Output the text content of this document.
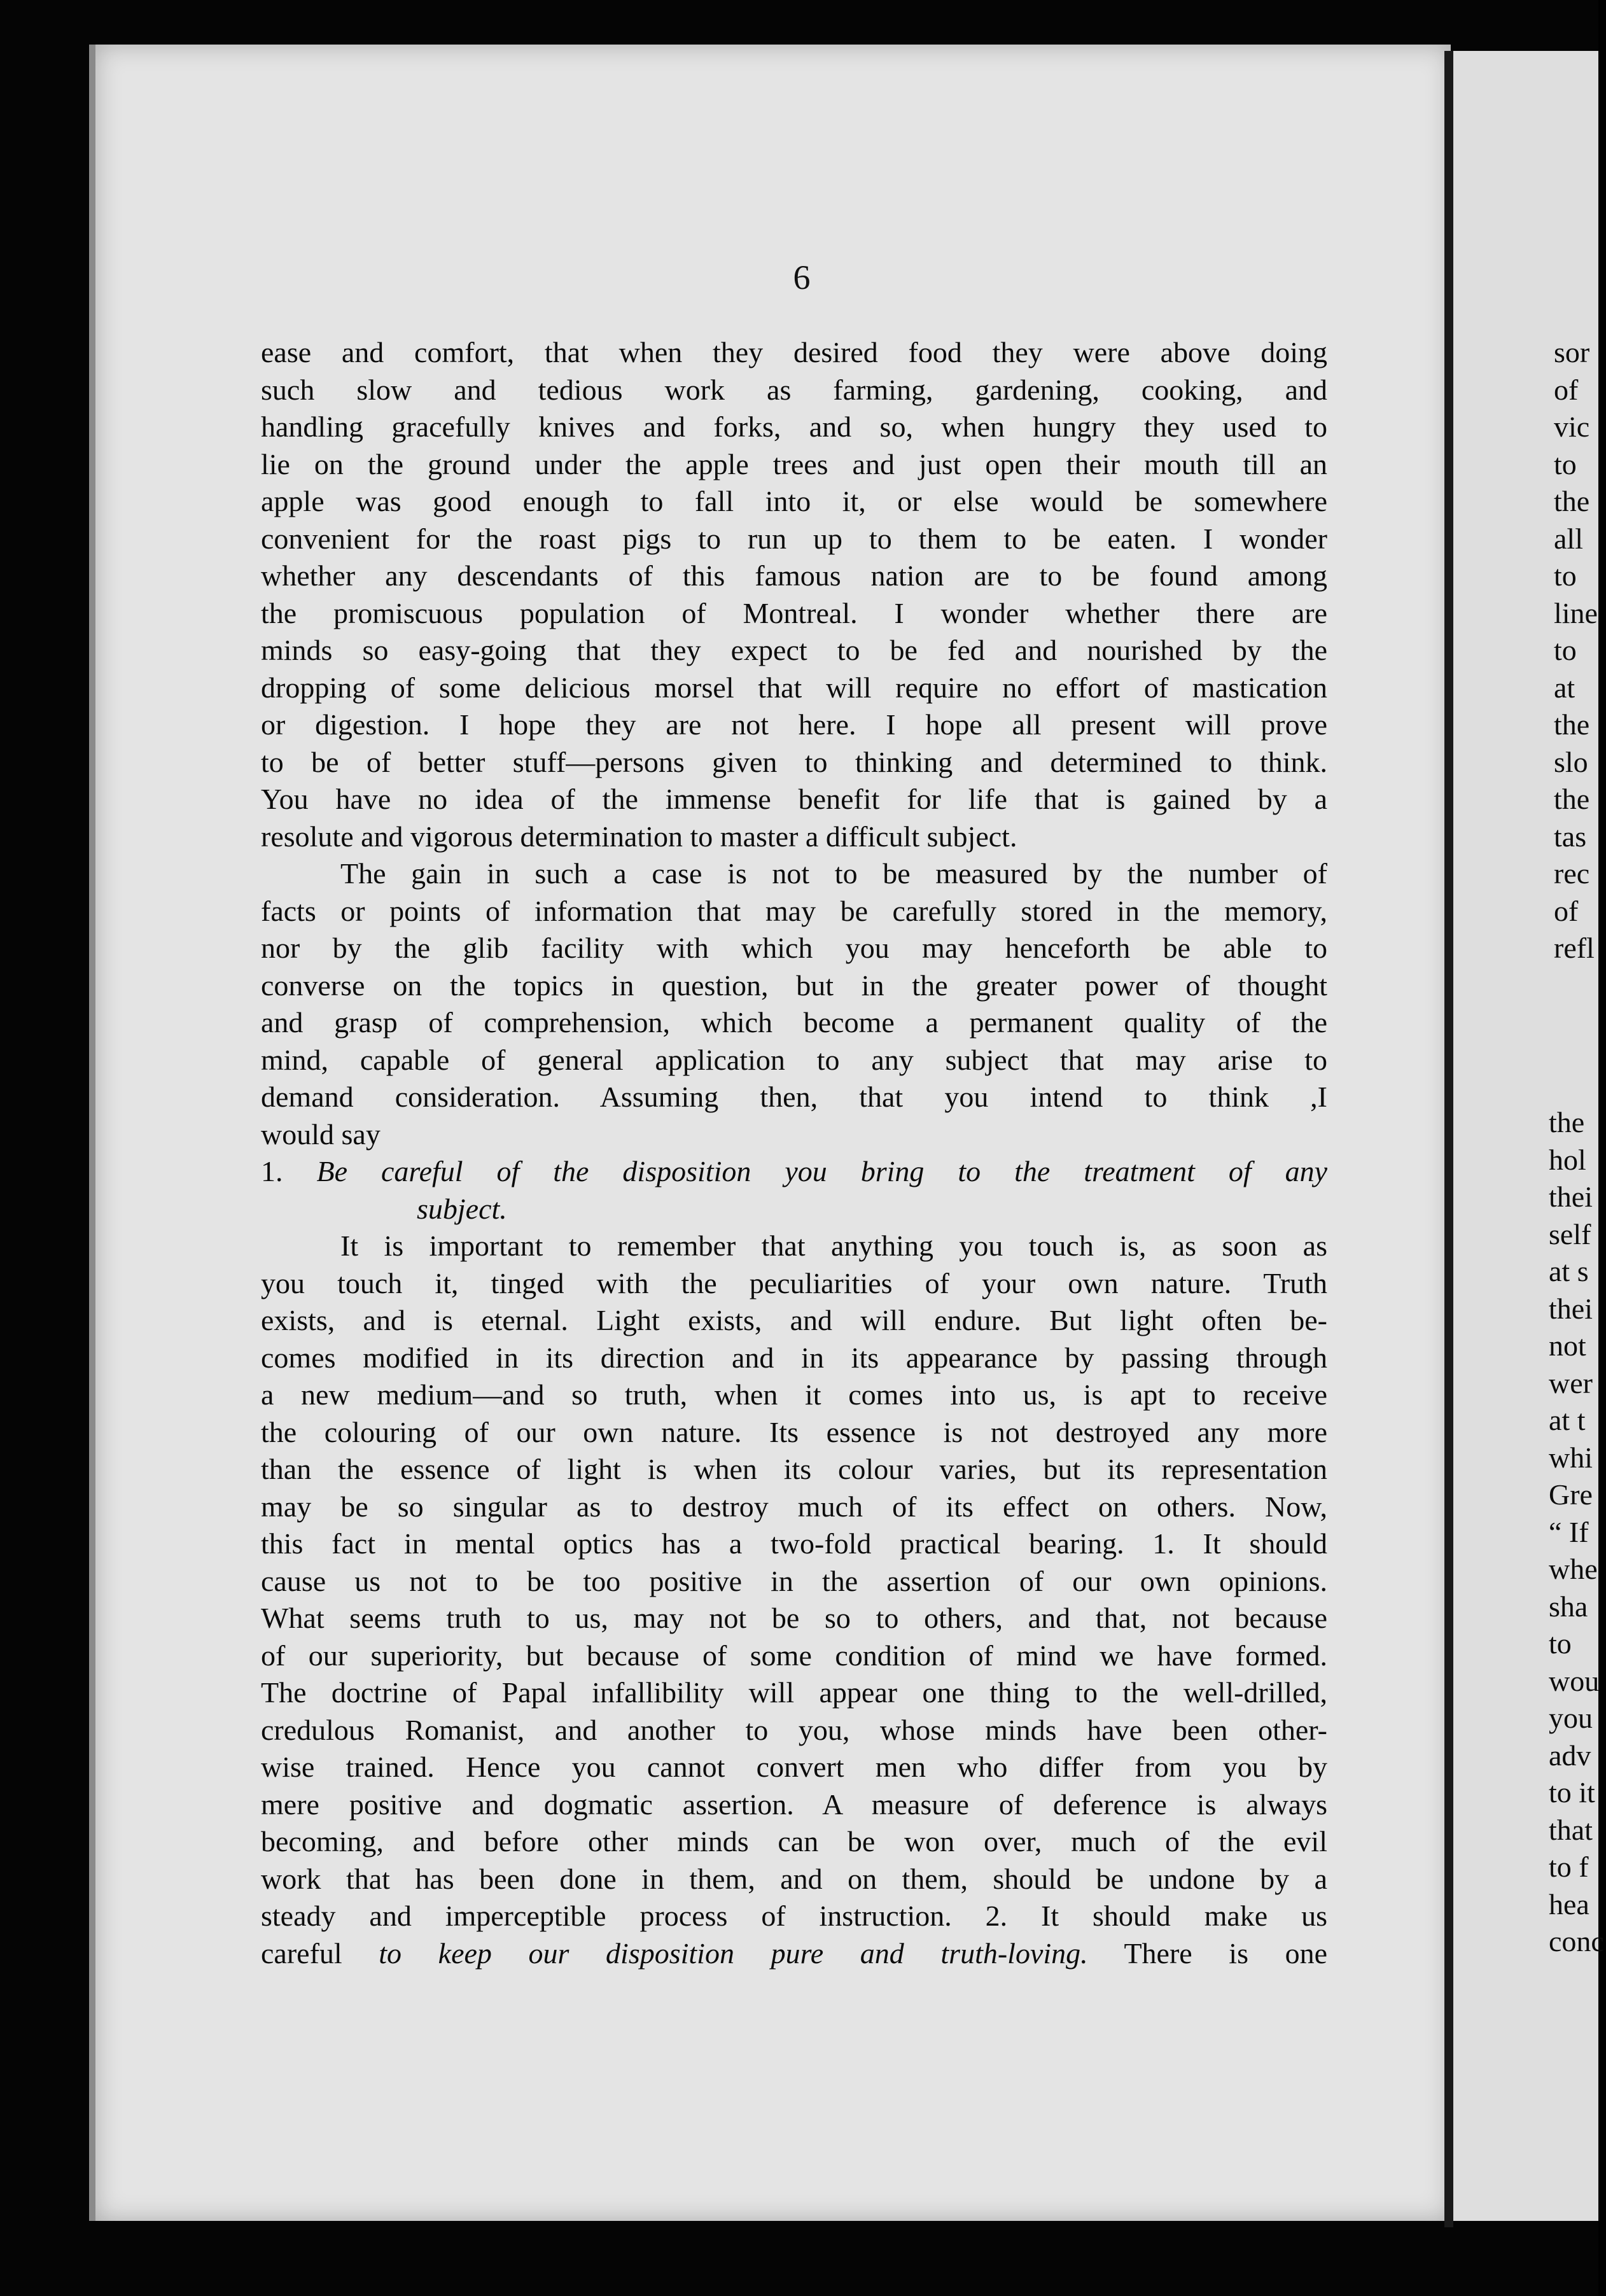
6
ease and comfort, that when they desired food they were above doing
such slow and tedious work as farming, gardening, cooking, and
handling gracefully knives and forks, and so, when hungry they used to
lie on the ground under the apple trees and just open their mouth till an
apple was good enough to fall into it, or else would be somewhere
convenient for the roast pigs to run up to them to be eaten. I wonder
whether any descendants of this famous nation are to be found among
the promiscuous population of Montreal. I wonder whether there are
minds so easy-going that they expect to be fed and nourished by the
dropping of some delicious morsel that will require no effort of mastication
or digestion. I hope they are not here. I hope all present will prove
to be of better stuff—persons given to thinking and determined to think.
You have no idea of the immense benefit for life that is gained by a
resolute and vigorous determination to master a difficult subject.
The gain in such a case is not to be measured by the number of
facts or points of information that may be carefully stored in the memory,
nor by the glib facility with which you may henceforth be able to
converse on the topics in question, but in the greater power of thought
and grasp of comprehension, which become a permanent quality of the
mind, capable of general application to any subject that may arise to
demand consideration. Assuming then, that you intend to think ,I
would say
1. Be careful of the disposition you bring to the treatment of any
subject.
It is important to remember that anything you touch is, as soon as
you touch it, tinged with the peculiarities of your own nature. Truth
exists, and is eternal. Light exists, and will endure. But light often be-
comes modified in its direction and in its appearance by passing through
a new medium—and so truth, when it comes into us, is apt to receive
the colouring of our own nature. Its essence is not destroyed any more
than the essence of light is when its colour varies, but its representation
may be so singular as to destroy much of its effect on others. Now,
this fact in mental optics has a two-fold practical bearing. 1. It should
cause us not to be too positive in the assertion of our own opinions.
What seems truth to us, may not be so to others, and that, not because
of our superiority, but because of some condition of mind we have formed.
The doctrine of Papal infallibility will appear one thing to the well-drilled,
credulous Romanist, and another to you, whose minds have been other-
wise trained. Hence you cannot convert men who differ from you by
mere positive and dogmatic assertion. A measure of deference is always
becoming, and before other minds can be won over, much of the evil
work that has been done in them, and on them, should be undone by a
steady and imperceptible process of instruction. 2. It should make us
careful to keep our disposition pure and truth-loving. There is one
sor
of
vic
to
the
all
to
line
to
at
the
slo
the
tas
rec
of
refl
the
hol
thei
self
at s
thei
not
wer
at t
whi
Gre
“ If
whe
sha
to
wou
you
adv
to it
that
to f
hea
conc
